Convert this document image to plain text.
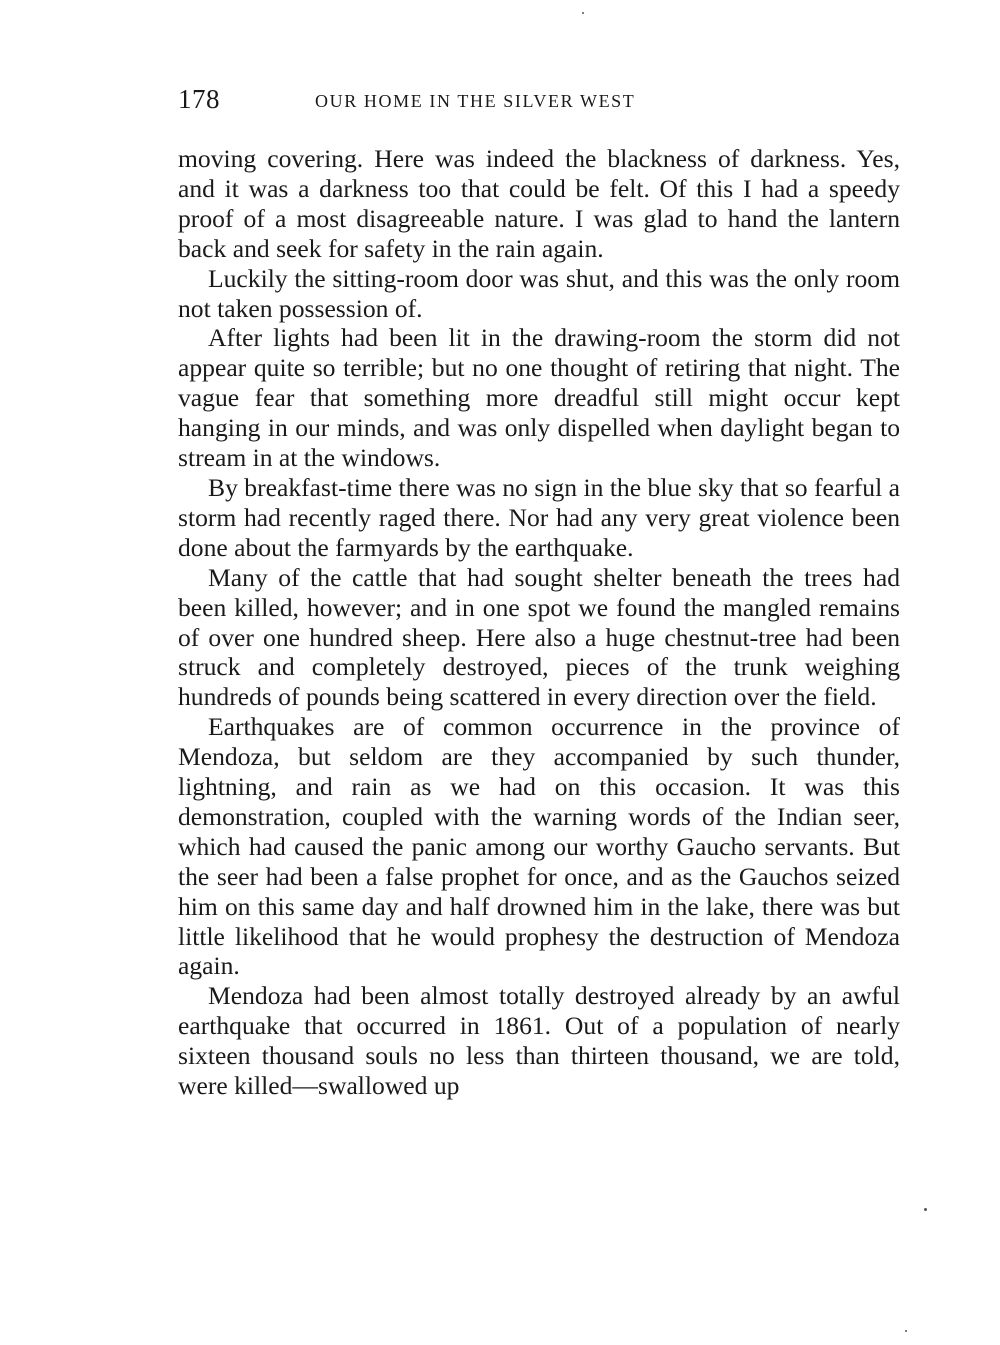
178	OUR HOME IN THE SILVER WEST

moving covering. Here was indeed the blackness of darkness. Yes, and it was a darkness too that could be felt. Of this I had a speedy proof of a most disagreeable nature. I was glad to hand the lantern back and seek for safety in the rain again.

Luckily the sitting-room door was shut, and this was the only room not taken possession of.

After lights had been lit in the drawing-room the storm did not appear quite so terrible; but no one thought of retiring that night. The vague fear that something more dreadful still might occur kept hanging in our minds, and was only dispelled when daylight began to stream in at the windows.

By breakfast-time there was no sign in the blue sky that so fearful a storm had recently raged there. Nor had any very great violence been done about the farmyards by the earthquake.

Many of the cattle that had sought shelter beneath the trees had been killed, however; and in one spot we found the mangled remains of over one hundred sheep. Here also a huge chestnut-tree had been struck and completely destroyed, pieces of the trunk weighing hundreds of pounds being scattered in every direction over the field.

Earthquakes are of common occurrence in the province of Mendoza, but seldom are they accompanied by such thunder, lightning, and rain as we had on this occasion. It was this demonstration, coupled with the warning words of the Indian seer, which had caused the panic among our worthy Gaucho servants. But the seer had been a false prophet for once, and as the Gauchos seized him on this same day and half drowned him in the lake, there was but little likelihood that he would prophesy the destruction of Mendoza again.

Mendoza had been almost totally destroyed already by an awful earthquake that occurred in 1861. Out of a population of nearly sixteen thousand souls no less than thirteen thousand, we are told, were killed—swallowed up
